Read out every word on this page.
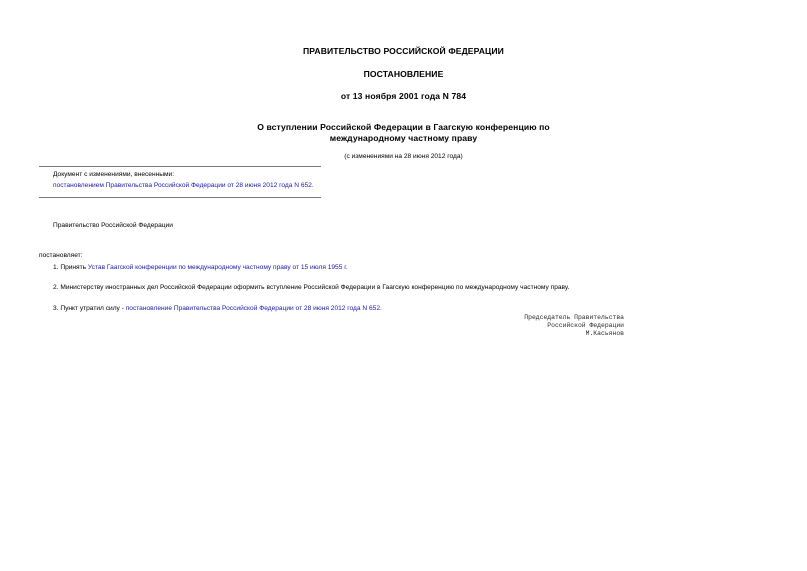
ПРАВИТЕЛЬСТВО РОССИЙСКОЙ ФЕДЕРАЦИИ
ПОСТАНОВЛЕНИЕ
от 13 ноября 2001 года N 784
О вступлении Российской Федерации в Гаагскую конференцию по
международному частному праву
(с изменениями на 28 июня 2012 года)
Документ с изменениями, внесенными:
постановлением Правительства Российской Федерации от 28 июня 2012 года N 652.
Правительство Российской Федерации
постановляет:
1. Принять Устав Гаагской конференции по международному частному праву от 15 июля 1955 г.
2. Министерству иностранных дел Российской Федерации оформить вступление Российской Федерации в Гаагскую конференцию по международному частному праву.
3. Пункт утратил силу - постановление Правительства Российской Федерации от 28 июня 2012 года N 652.
Председатель Правительства
Российской Федерации
М.Касьянов
